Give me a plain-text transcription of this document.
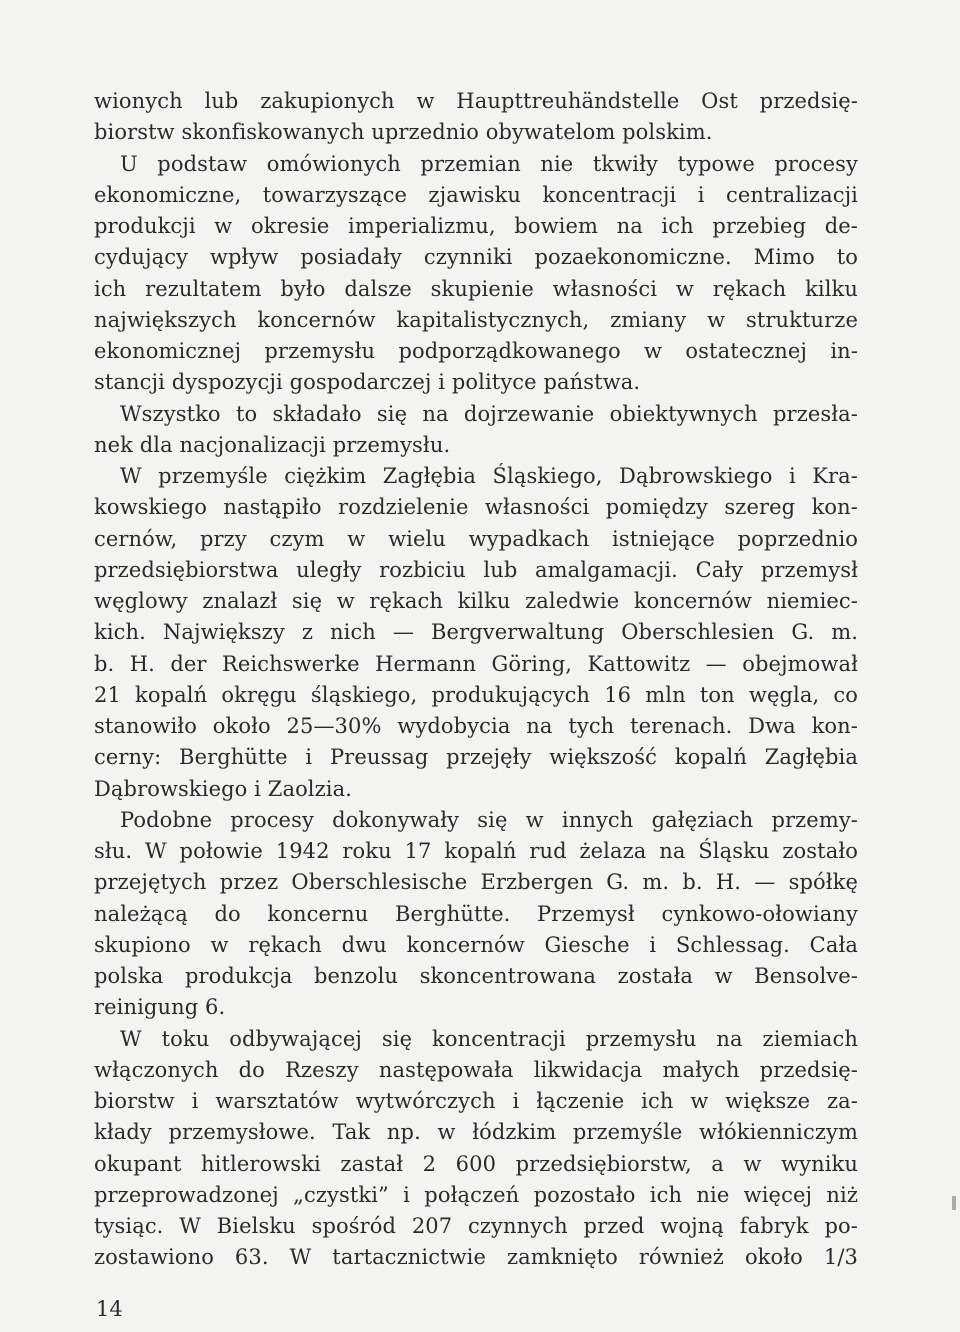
wionych lub zakupionych w Haupttreuhändstelle Ost przedsię-
biorstw skonfiskowanych uprzednio obywatelom polskim.
U podstaw omówionych przemian nie tkwiły typowe procesy
ekonomiczne, towarzyszące zjawisku koncentracji i centralizacji
produkcji w okresie imperializmu, bowiem na ich przebieg de-
cydujący wpływ posiadały czynniki pozaekonomiczne. Mimo to
ich rezultatem było dalsze skupienie własności w rękach kilku
największych koncernów kapitalistycznych, zmiany w strukturze
ekonomicznej przemysłu podporządkowanego w ostatecznej in-
stancji dyspozycji gospodarczej i polityce państwa.
Wszystko to składało się na dojrzewanie obiektywnych przesła-
nek dla nacjonalizacji przemysłu.
W przemyśle ciężkim Zagłębia Śląskiego, Dąbrowskiego i Kra-
kowskiego nastąpiło rozdzielenie własności pomiędzy szereg kon-
cernów, przy czym w wielu wypadkach istniejące poprzednio
przedsiębiorstwa uległy rozbiciu lub amalgamacji. Cały przemysł
węglowy znalazł się w rękach kilku zaledwie koncernów niemiec-
kich. Największy z nich — Bergverwaltung Oberschlesien G. m.
b. H. der Reichswerke Hermann Göring, Kattowitz — obejmował
21 kopalń okręgu śląskiego, produkujących 16 mln ton węgla, co
stanowiło około 25—30% wydobycia na tych terenach. Dwa kon-
cerny: Berghütte i Preussag przejęły większość kopalń Zagłębia
Dąbrowskiego i Zaolzia.
Podobne procesy dokonywały się w innych gałęziach przemy-
słu. W połowie 1942 roku 17 kopalń rud żelaza na Śląsku zostało
przejętych przez Oberschlesische Erzbergen G. m. b. H. — spółkę
należącą do koncernu Berghütte. Przemysł cynkowo-ołowiany
skupiono w rękach dwu koncernów Giesche i Schlessag. Cała
polska produkcja benzolu skoncentrowana została w Bensolve-
reinigung 6.
W toku odbywającej się koncentracji przemysłu na ziemiach
włączonych do Rzeszy następowała likwidacja małych przedsię-
biorstw i warsztatów wytwórczych i łączenie ich w większe za-
kłady przemysłowe. Tak np. w łódzkim przemyśle włókienniczym
okupant hitlerowski zastał 2 600 przedsiębiorstw, a w wyniku
przeprowadzonej „czystki” i połączeń pozostało ich nie więcej niż
tysiąc. W Bielsku spośród 207 czynnych przed wojną fabryk po-
zostawiono 63. W tartacznictwie zamknięto również około 1/3
14
